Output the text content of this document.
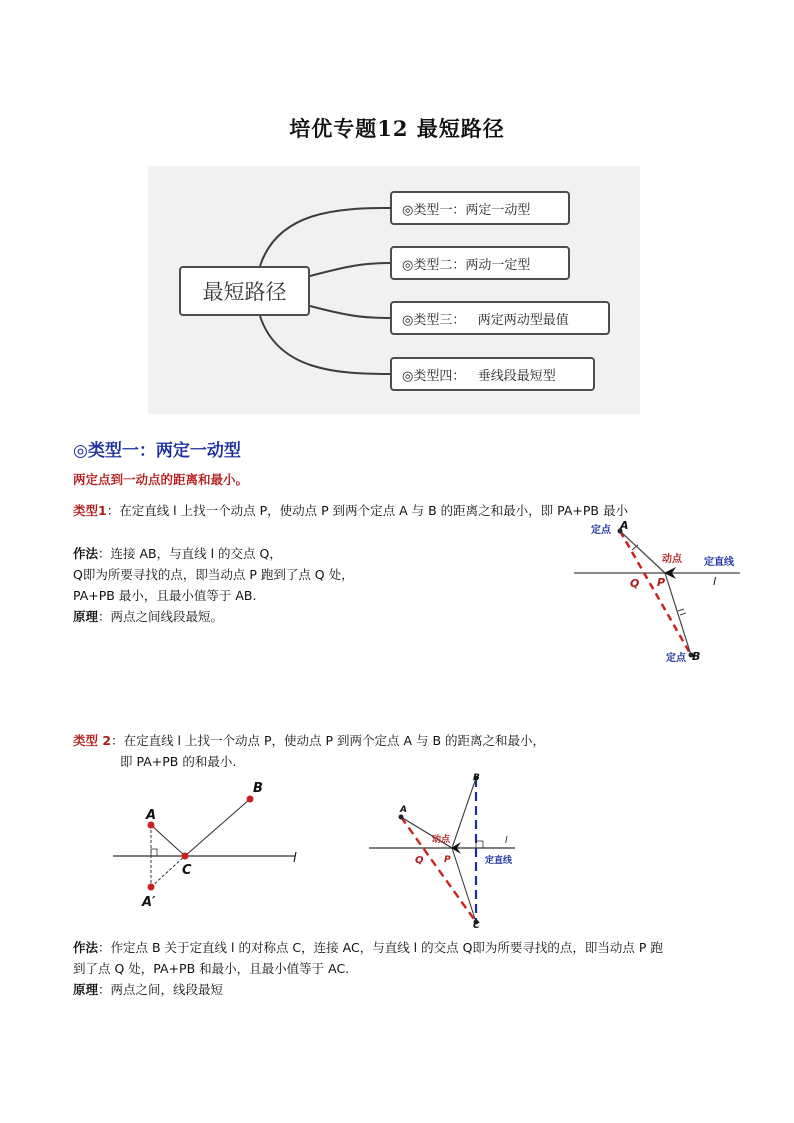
培优专题12 最短路径
最短路径
◎类型一：两定一动型
◎类型二：两动一定型
◎类型三：   两定两动型最值
◎类型四：   垂线段最短型
◎类型一：两定一动型
两定点到一动点的距离和最小。
类型1：在定直线 l 上找一个动点 P，使动点 P 到两个定点 A 与 B 的距离之和最小，即 PA+PB 最小
作法：连接 AB，与直线 l 的交点 Q，
Q即为所要寻找的点，即当动点 P 跑到了点 Q 处，
PA+PB 最小，且最小值等于 AB.
原理：两点之间线段最短。
定点 A
动点 定直线
l
Q P
定点 B
类型 2：在定直线 l 上找一个动点 P，使动点 P 到两个定点 A 与 B 的距离之和最小，
即 PA+PB 的和最小.
A
B
C
A′
l
A
B
C
动点
定直线
l
Q P
作法：作定点 B 关于定直线 l 的对称点 C，连接 AC，与直线 l 的交点 Q即为所要寻找的点，即当动点 P 跑
到了点 Q 处，PA+PB 和最小，且最小值等于 AC.
原理：两点之间，线段最短
